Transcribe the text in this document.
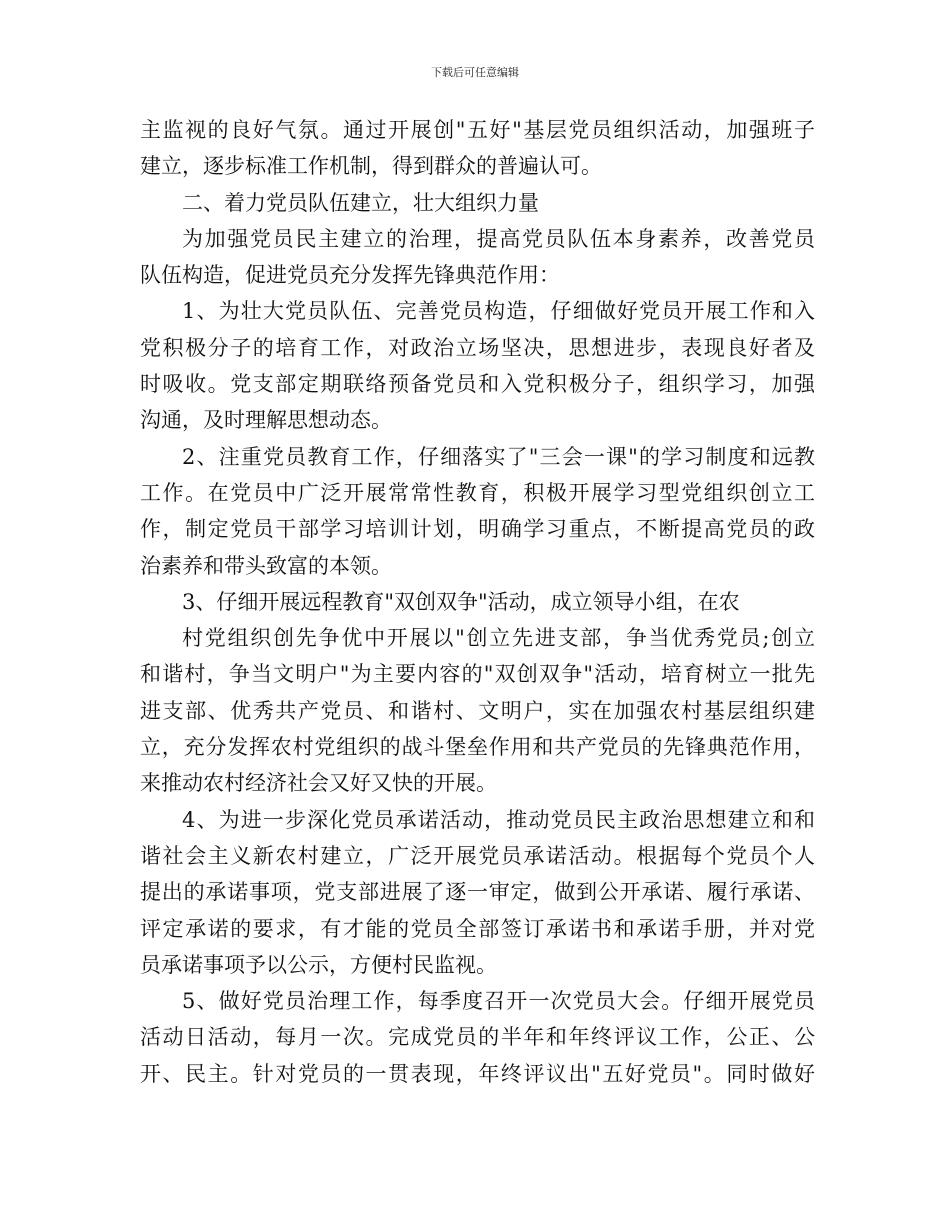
下载后可任意编辑
主监视的良好气氛。通过开展创"五好"基层党员组织活动，加强班子
建立，逐步标准工作机制，得到群众的普遍认可。
二、着力党员队伍建立，壮大组织力量
为加强党员民主建立的治理，提高党员队伍本身素养，改善党员
队伍构造，促进党员充分发挥先锋典范作用：
1、为壮大党员队伍、完善党员构造，仔细做好党员开展工作和入
党积极分子的培育工作，对政治立场坚决，思想进步，表现良好者及
时吸收。党支部定期联络预备党员和入党积极分子，组织学习，加强
沟通，及时理解思想动态。
2、注重党员教育工作，仔细落实了"三会一课"的学习制度和远教
工作。在党员中广泛开展常常性教育，积极开展学习型党组织创立工
作，制定党员干部学习培训计划，明确学习重点，不断提高党员的政
治素养和带头致富的本领。
3、仔细开展远程教育"双创双争"活动，成立领导小组，在农
村党组织创先争优中开展以"创立先进支部，争当优秀党员;创立
和谐村，争当文明户"为主要内容的"双创双争"活动，培育树立一批先
进支部、优秀共产党员、和谐村、文明户，实在加强农村基层组织建
立，充分发挥农村党组织的战斗堡垒作用和共产党员的先锋典范作用，
来推动农村经济社会又好又快的开展。
4、为进一步深化党员承诺活动，推动党员民主政治思想建立和和
谐社会主义新农村建立，广泛开展党员承诺活动。根据每个党员个人
提出的承诺事项，党支部进展了逐一审定，做到公开承诺、履行承诺、
评定承诺的要求，有才能的党员全部签订承诺书和承诺手册，并对党
员承诺事项予以公示，方便村民监视。
5、做好党员治理工作，每季度召开一次党员大会。仔细开展党员
活动日活动，每月一次。完成党员的半年和年终评议工作，公正、公
开、民主。针对党员的一贯表现，年终评议出"五好党员"。同时做好
